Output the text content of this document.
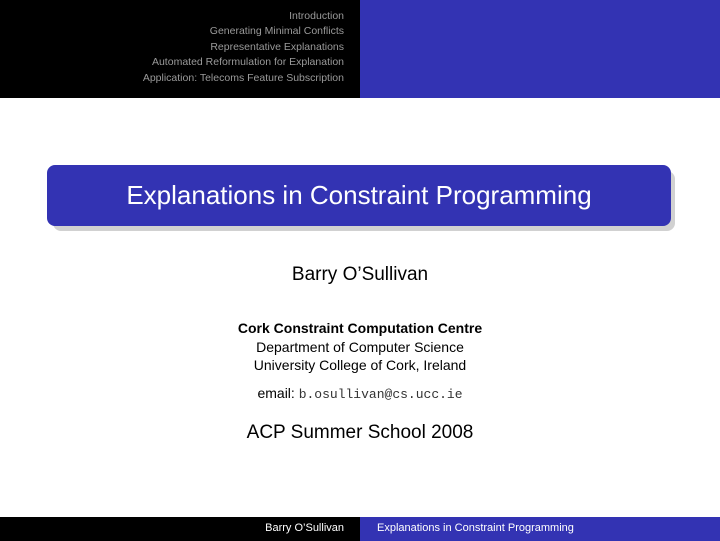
Introduction
Generating Minimal Conflicts
Representative Explanations
Automated Reformulation for Explanation
Application: Telecoms Feature Subscription
Explanations in Constraint Programming
Barry O’Sullivan
Cork Constraint Computation Centre
Department of Computer Science
University College of Cork, Ireland
email: b.osullivan@cs.ucc.ie
ACP Summer School 2008
Barry O’Sullivan	Explanations in Constraint Programming
